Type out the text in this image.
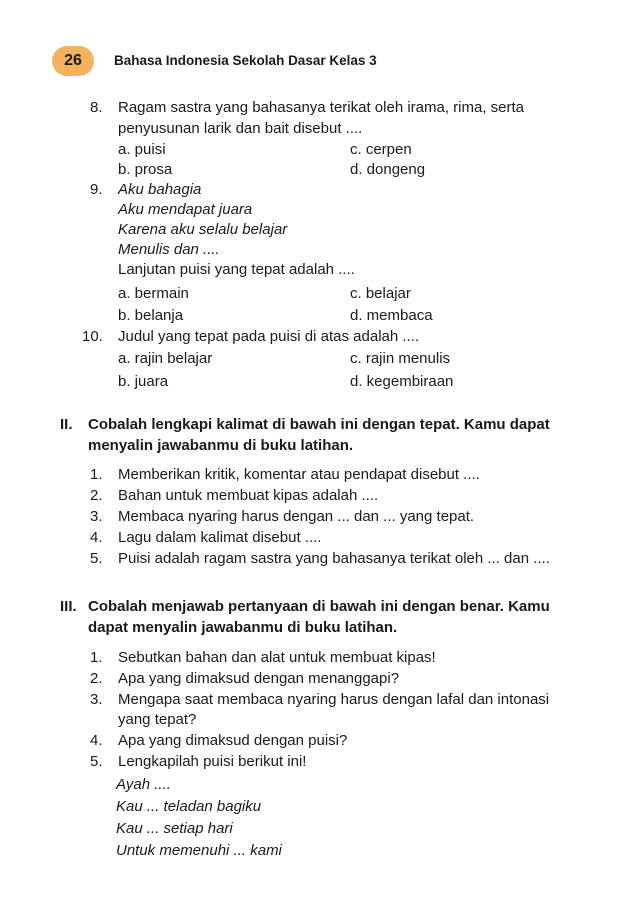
26 Bahasa Indonesia Sekolah Dasar Kelas 3
8. Ragam sastra yang bahasanya terikat oleh irama, rima, serta
penyusunan larik dan bait disebut ....
a. puisi	c. cerpen
b. prosa	d. dongeng
9. Aku bahagia
Aku mendapat juara
Karena aku selalu belajar
Menulis dan ....
Lanjutan puisi yang tepat adalah ....
a. bermain	c. belajar
b. belanja	d. membaca
10. Judul yang tepat pada puisi di atas adalah ....
a. rajin belajar	c. rajin menulis
b. juara	d. kegembiraan
II. Cobalah lengkapi kalimat di bawah ini dengan tepat. Kamu dapat
menyalin jawabanmu di buku latihan.
1. Memberikan kritik, komentar atau pendapat disebut ....
2. Bahan untuk membuat kipas adalah ....
3. Membaca nyaring harus dengan ... dan ... yang tepat.
4. Lagu dalam kalimat disebut ....
5. Puisi adalah ragam sastra yang bahasanya terikat oleh ... dan ....
III. Cobalah menjawab pertanyaan di bawah ini dengan benar. Kamu
dapat menyalin jawabanmu di buku latihan.
1. Sebutkan bahan dan alat untuk membuat kipas!
2. Apa yang dimaksud dengan menanggapi?
3. Mengapa saat membaca nyaring harus dengan lafal dan intonasi
yang tepat?
4. Apa yang dimaksud dengan puisi?
5. Lengkapilah puisi berikut ini!
Ayah ....
Kau ... teladan bagiku
Kau ... setiap hari
Untuk memenuhi ... kami
